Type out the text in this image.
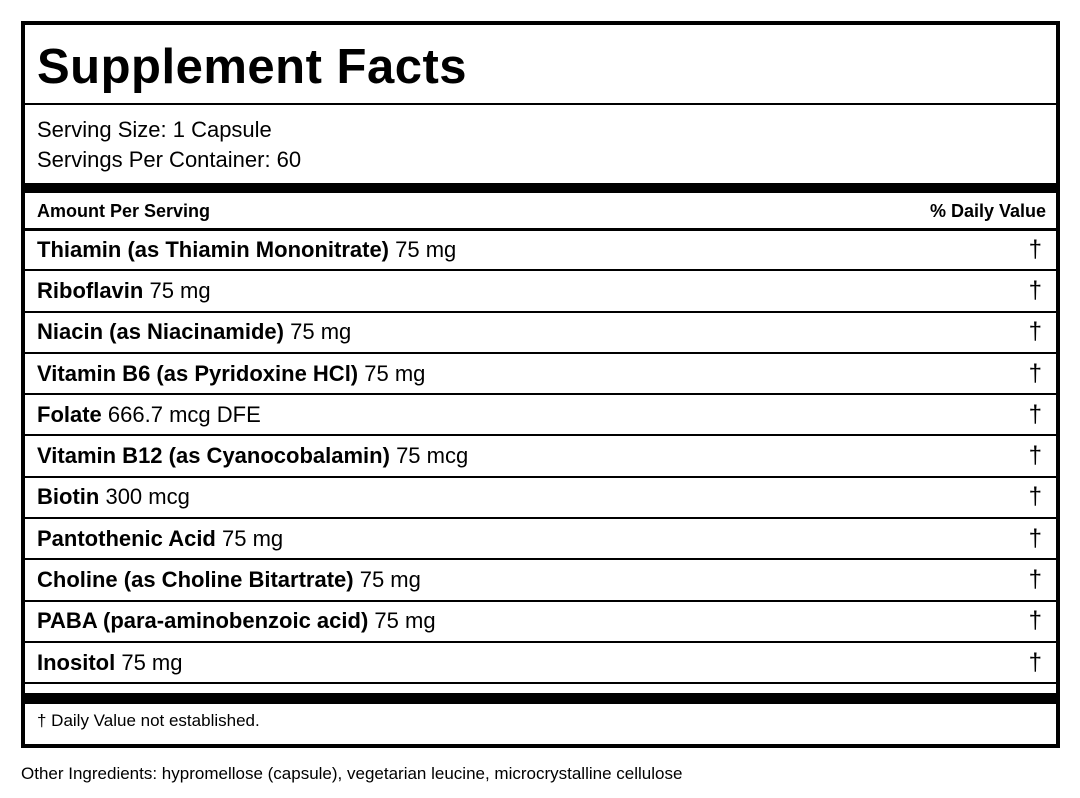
Supplement Facts
Serving Size: 1 Capsule
Servings Per Container: 60
Amount Per Serving	% Daily Value
Thiamin (as Thiamin Mononitrate) 75 mg	†
Riboflavin 75 mg	†
Niacin (as Niacinamide) 75 mg	†
Vitamin B6 (as Pyridoxine HCl) 75 mg	†
Folate 666.7 mcg DFE	†
Vitamin B12 (as Cyanocobalamin) 75 mcg	†
Biotin 300 mcg	†
Pantothenic Acid 75 mg	†
Choline (as Choline Bitartrate) 75 mg	†
PABA (para-aminobenzoic acid) 75 mg	†
Inositol 75 mg	†
† Daily Value not established.
Other Ingredients: hypromellose (capsule), vegetarian leucine, microcrystalline cellulose
